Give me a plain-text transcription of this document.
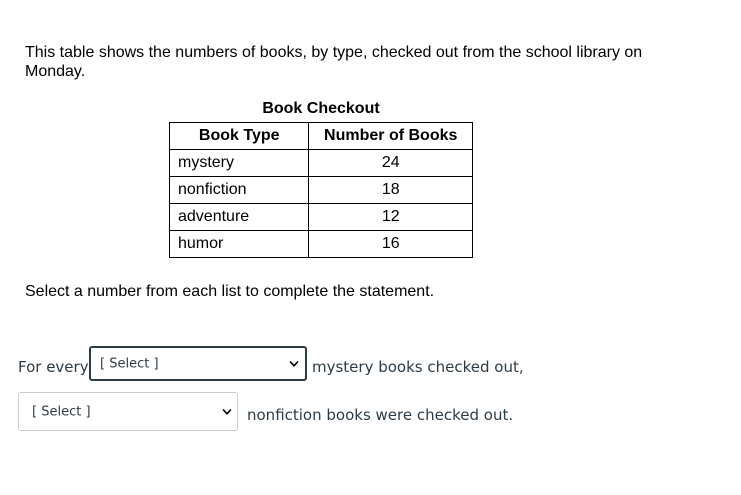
This table shows the numbers of books, by type, checked out from the school library on Monday.
Book Checkout
Book Type	Number of Books
mystery	24
nonfiction	18
adventure	12
humor	16
Select a number from each list to complete the statement.
For every [ Select ]	mystery books checked out,
[ Select ]	nonfiction books were checked out.
